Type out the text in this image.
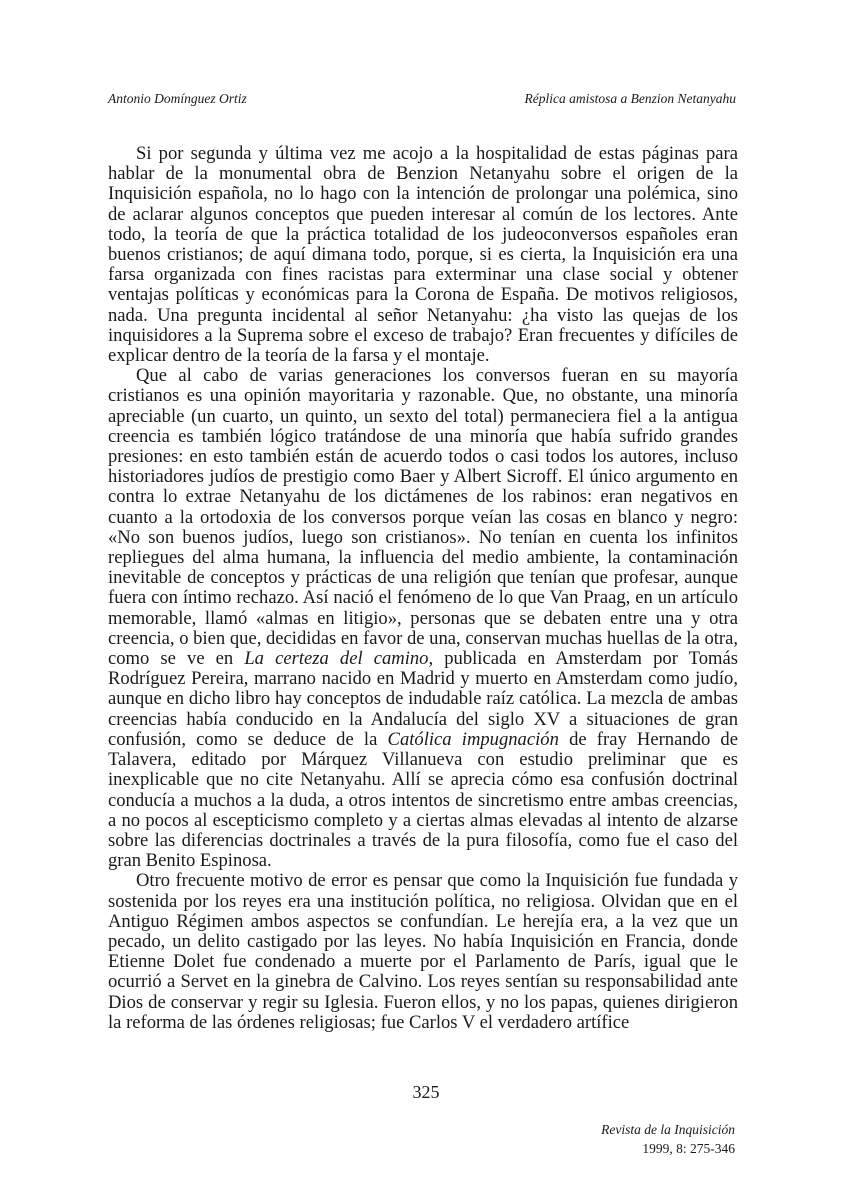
Antonio Domínguez Ortiz	Réplica amistosa a Benzion Netanyahu

Si por segunda y última vez me acojo a la hospitalidad de estas páginas para hablar de la monumental obra de Benzion Netanyahu sobre el origen de la Inquisición española, no lo hago con la intención de prolongar una polémica, sino de aclarar algunos conceptos que pueden interesar al común de los lectores. Ante todo, la teoría de que la práctica totalidad de los judeoconversos españoles eran buenos cristianos; de aquí dimana todo, porque, si es cierta, la Inquisición era una farsa organizada con fines racistas para exterminar una clase social y obtener ventajas políticas y económicas para la Corona de España. De motivos religiosos, nada. Una pregunta incidental al señor Netanyahu: ¿ha visto las quejas de los inquisidores a la Suprema sobre el exceso de trabajo? Eran frecuentes y difíciles de explicar dentro de la teoría de la farsa y el montaje.

Que al cabo de varias generaciones los conversos fueran en su mayoría cristianos es una opinión mayoritaria y razonable. Que, no obstante, una minoría apreciable (un cuarto, un quinto, un sexto del total) permaneciera fiel a la antigua creencia es también lógico tratándose de una minoría que había sufrido grandes presiones: en esto también están de acuerdo todos o casi todos los autores, incluso historiadores judíos de prestigio como Baer y Albert Sicroff. El único argumento en contra lo extrae Netanyahu de los dictámenes de los rabinos: eran negativos en cuanto a la ortodoxia de los conversos porque veían las cosas en blanco y negro: «No son buenos judíos, luego son cristianos». No tenían en cuenta los infinitos repliegues del alma humana, la influencia del medio ambiente, la contaminación inevitable de conceptos y prácticas de una religión que tenían que profesar, aunque fuera con íntimo rechazo. Así nació el fenómeno de lo que Van Praag, en un artículo memorable, llamó «almas en litigio», personas que se debaten entre una y otra creencia, o bien que, decididas en favor de una, conservan muchas huellas de la otra, como se ve en La certeza del camino, publicada en Amsterdam por Tomás Rodríguez Pereira, marrano nacido en Madrid y muerto en Amsterdam como judío, aunque en dicho libro hay conceptos de indudable raíz católica. La mezcla de ambas creencias había conducido en la Andalucía del siglo XV a situaciones de gran confusión, como se deduce de la Católica impugnación de fray Hernando de Talavera, editado por Márquez Villanueva con estudio preliminar que es inexplicable que no cite Netanyahu. Allí se aprecia cómo esa confusión doctrinal conducía a muchos a la duda, a otros intentos de sincretismo entre ambas creencias, a no pocos al escepticismo completo y a ciertas almas elevadas al intento de alzarse sobre las diferencias doctrinales a través de la pura filosofía, como fue el caso del gran Benito Espinosa.

Otro frecuente motivo de error es pensar que como la Inquisición fue fundada y sostenida por los reyes era una institución política, no religiosa. Olvidan que en el Antiguo Régimen ambos aspectos se confundían. Le herejía era, a la vez que un pecado, un delito castigado por las leyes. No había Inquisición en Francia, donde Etienne Dolet fue condenado a muerte por el Parlamento de París, igual que le ocurrió a Servet en la ginebra de Calvino. Los reyes sentían su responsabilidad ante Dios de conservar y regir su Iglesia. Fueron ellos, y no los papas, quienes dirigieron la reforma de las órdenes religiosas; fue Carlos V el verdadero artífice

325
Revista de la Inquisición
1999, 8: 275-346
